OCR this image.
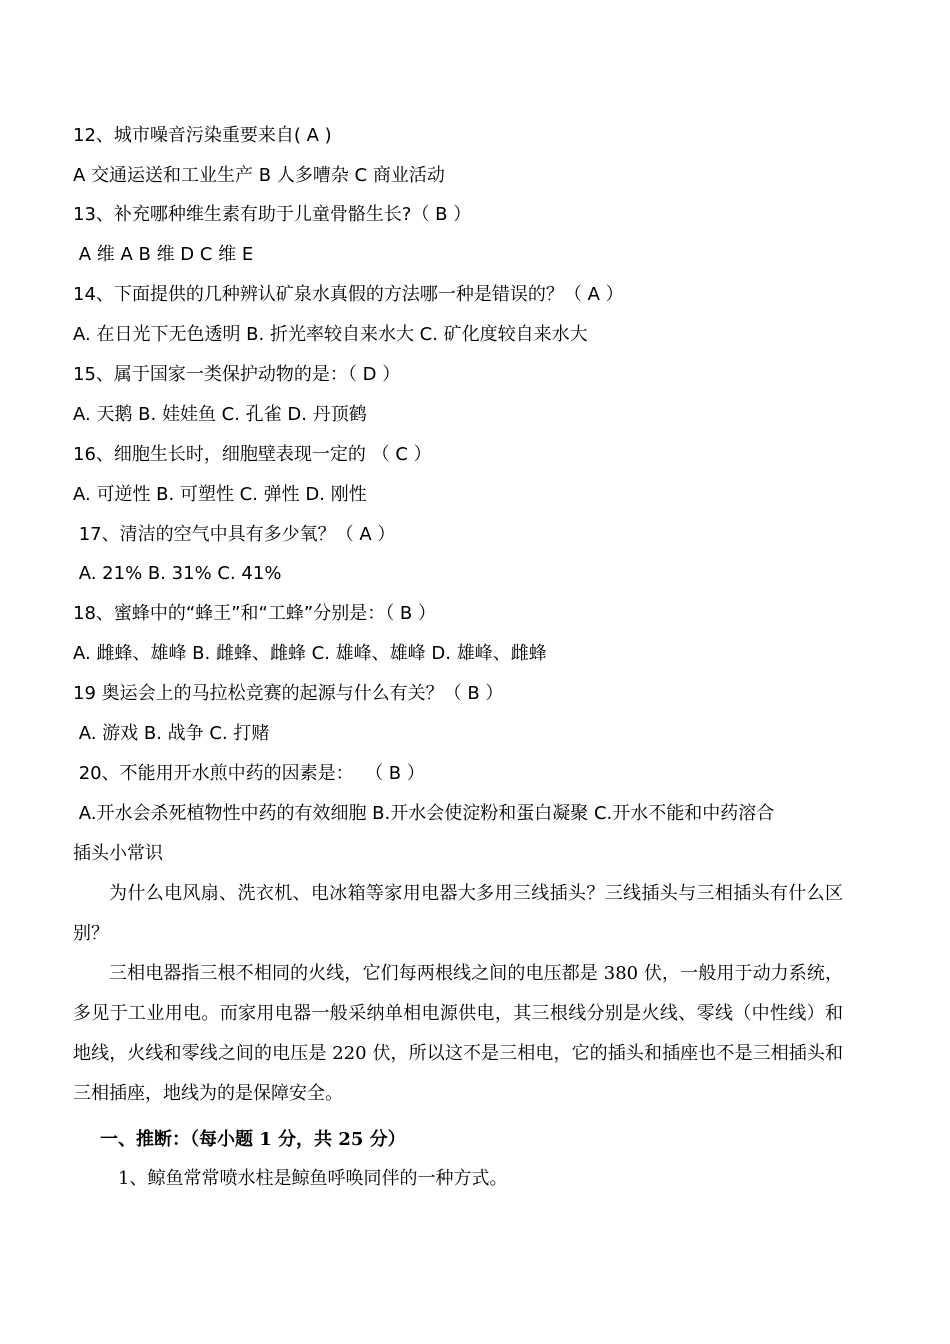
12、城市噪音污染重要来自( A )
A 交通运送和工业生产 B 人多嘈杂 C 商业活动
13、补充哪种维生素有助于儿童骨骼生长?（ B ）
A 维 A B 维 D C 维 E
14、下面提供的几种辨认矿泉水真假的方法哪一种是错误的？（ A ）
A. 在日光下无色透明 B. 折光率较自来水大 C. 矿化度较自来水大
15、属于国家一类保护动物的是：（ D ）
A. 天鹅 B. 娃娃鱼 C. 孔雀 D. 丹顶鹤
16、细胞生长时，细胞壁表现一定的 （ C ）
A. 可逆性 B. 可塑性 C. 弹性 D. 刚性
17、清洁的空气中具有多少氧？（ A ）
A. 21% B. 31% C. 41%
18、蜜蜂中的“蜂王”和“工蜂”分别是：（ B ）
A. 雌蜂、雄峰 B. 雌蜂、雌蜂 C. 雄峰、雄峰 D. 雄峰、雌蜂
19 奥运会上的马拉松竞赛的起源与什么有关？（ B ）
A. 游戏 B. 战争 C. 打赌
20、不能用开水煎中药的因素是：  （ B ）
A.开水会杀死植物性中药的有效细胞 B.开水会使淀粉和蛋白凝聚 C.开水不能和中药溶合
插头小常识
为什么电风扇、洗衣机、电冰箱等家用电器大多用三线插头？三线插头与三相插头有什么区别？
三相电器指三根不相同的火线，它们每两根线之间的电压都是 380 伏，一般用于动力系统，多见于工业用电。而家用电器一般采纳单相电源供电，其三根线分别是火线、零线（中性线）和地线，火线和零线之间的电压是 220 伏，所以这不是三相电，它的插头和插座也不是三相插头和三相插座，地线为的是保障安全。
一、推断：（每小题 1 分，共 25 分）
1、鲸鱼常常喷水柱是鲸鱼呼唤同伴的一种方式。
